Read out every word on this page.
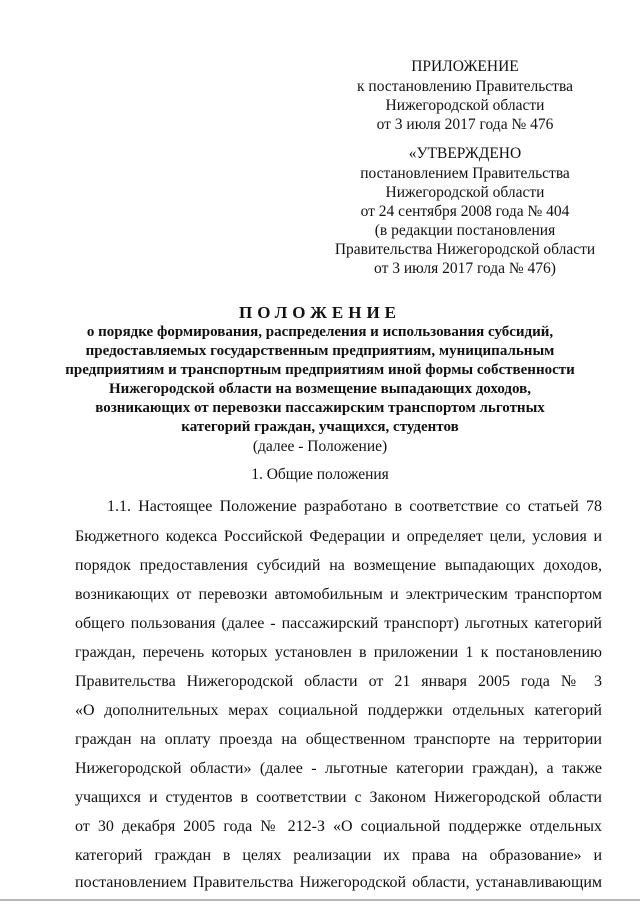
ПРИЛОЖЕНИЕ
к постановлению Правительства
Нижегородской области
от 3 июля 2017 года № 476
«УТВЕРЖДЕНО
постановлением Правительства
Нижегородской области
от 24 сентября 2008 года № 404
(в редакции постановления
Правительства Нижегородской области
от 3 июля 2017 года № 476)
ПОЛОЖЕНИЕ
о порядке формирования, распределения и использования субсидий,
предоставляемых государственным предприятиям, муниципальным
предприятиям и транспортным предприятиям иной формы собственности
Нижегородской области на возмещение выпадающих доходов,
возникающих от перевозки пассажирским транспортом льготных
категорий граждан, учащихся, студентов
(далее - Положение)
1. Общие положения
1.1. Настоящее Положение разработано в соответствие со статьей 78
Бюджетного кодекса Российской Федерации и определяет цели, условия и
порядок предоставления субсидий на возмещение выпадающих доходов,
возникающих от перевозки автомобильным и электрическим транспортом
общего пользования (далее - пассажирский транспорт) льготных категорий
граждан, перечень которых установлен в приложении 1 к постановлению
Правительства Нижегородской области от 21 января 2005 года № 3
«О дополнительных мерах социальной поддержки отдельных категорий
граждан на оплату проезда на общественном транспорте на территории
Нижегородской области» (далее - льготные категории граждан), а также
учащихся и студентов в соответствии с Законом Нижегородской области
от 30 декабря 2005 года № 212-З «О социальной поддержке отдельных
категорий граждан в целях реализации их права на образование» и
постановлением Правительства Нижегородской области, устанавливающим
